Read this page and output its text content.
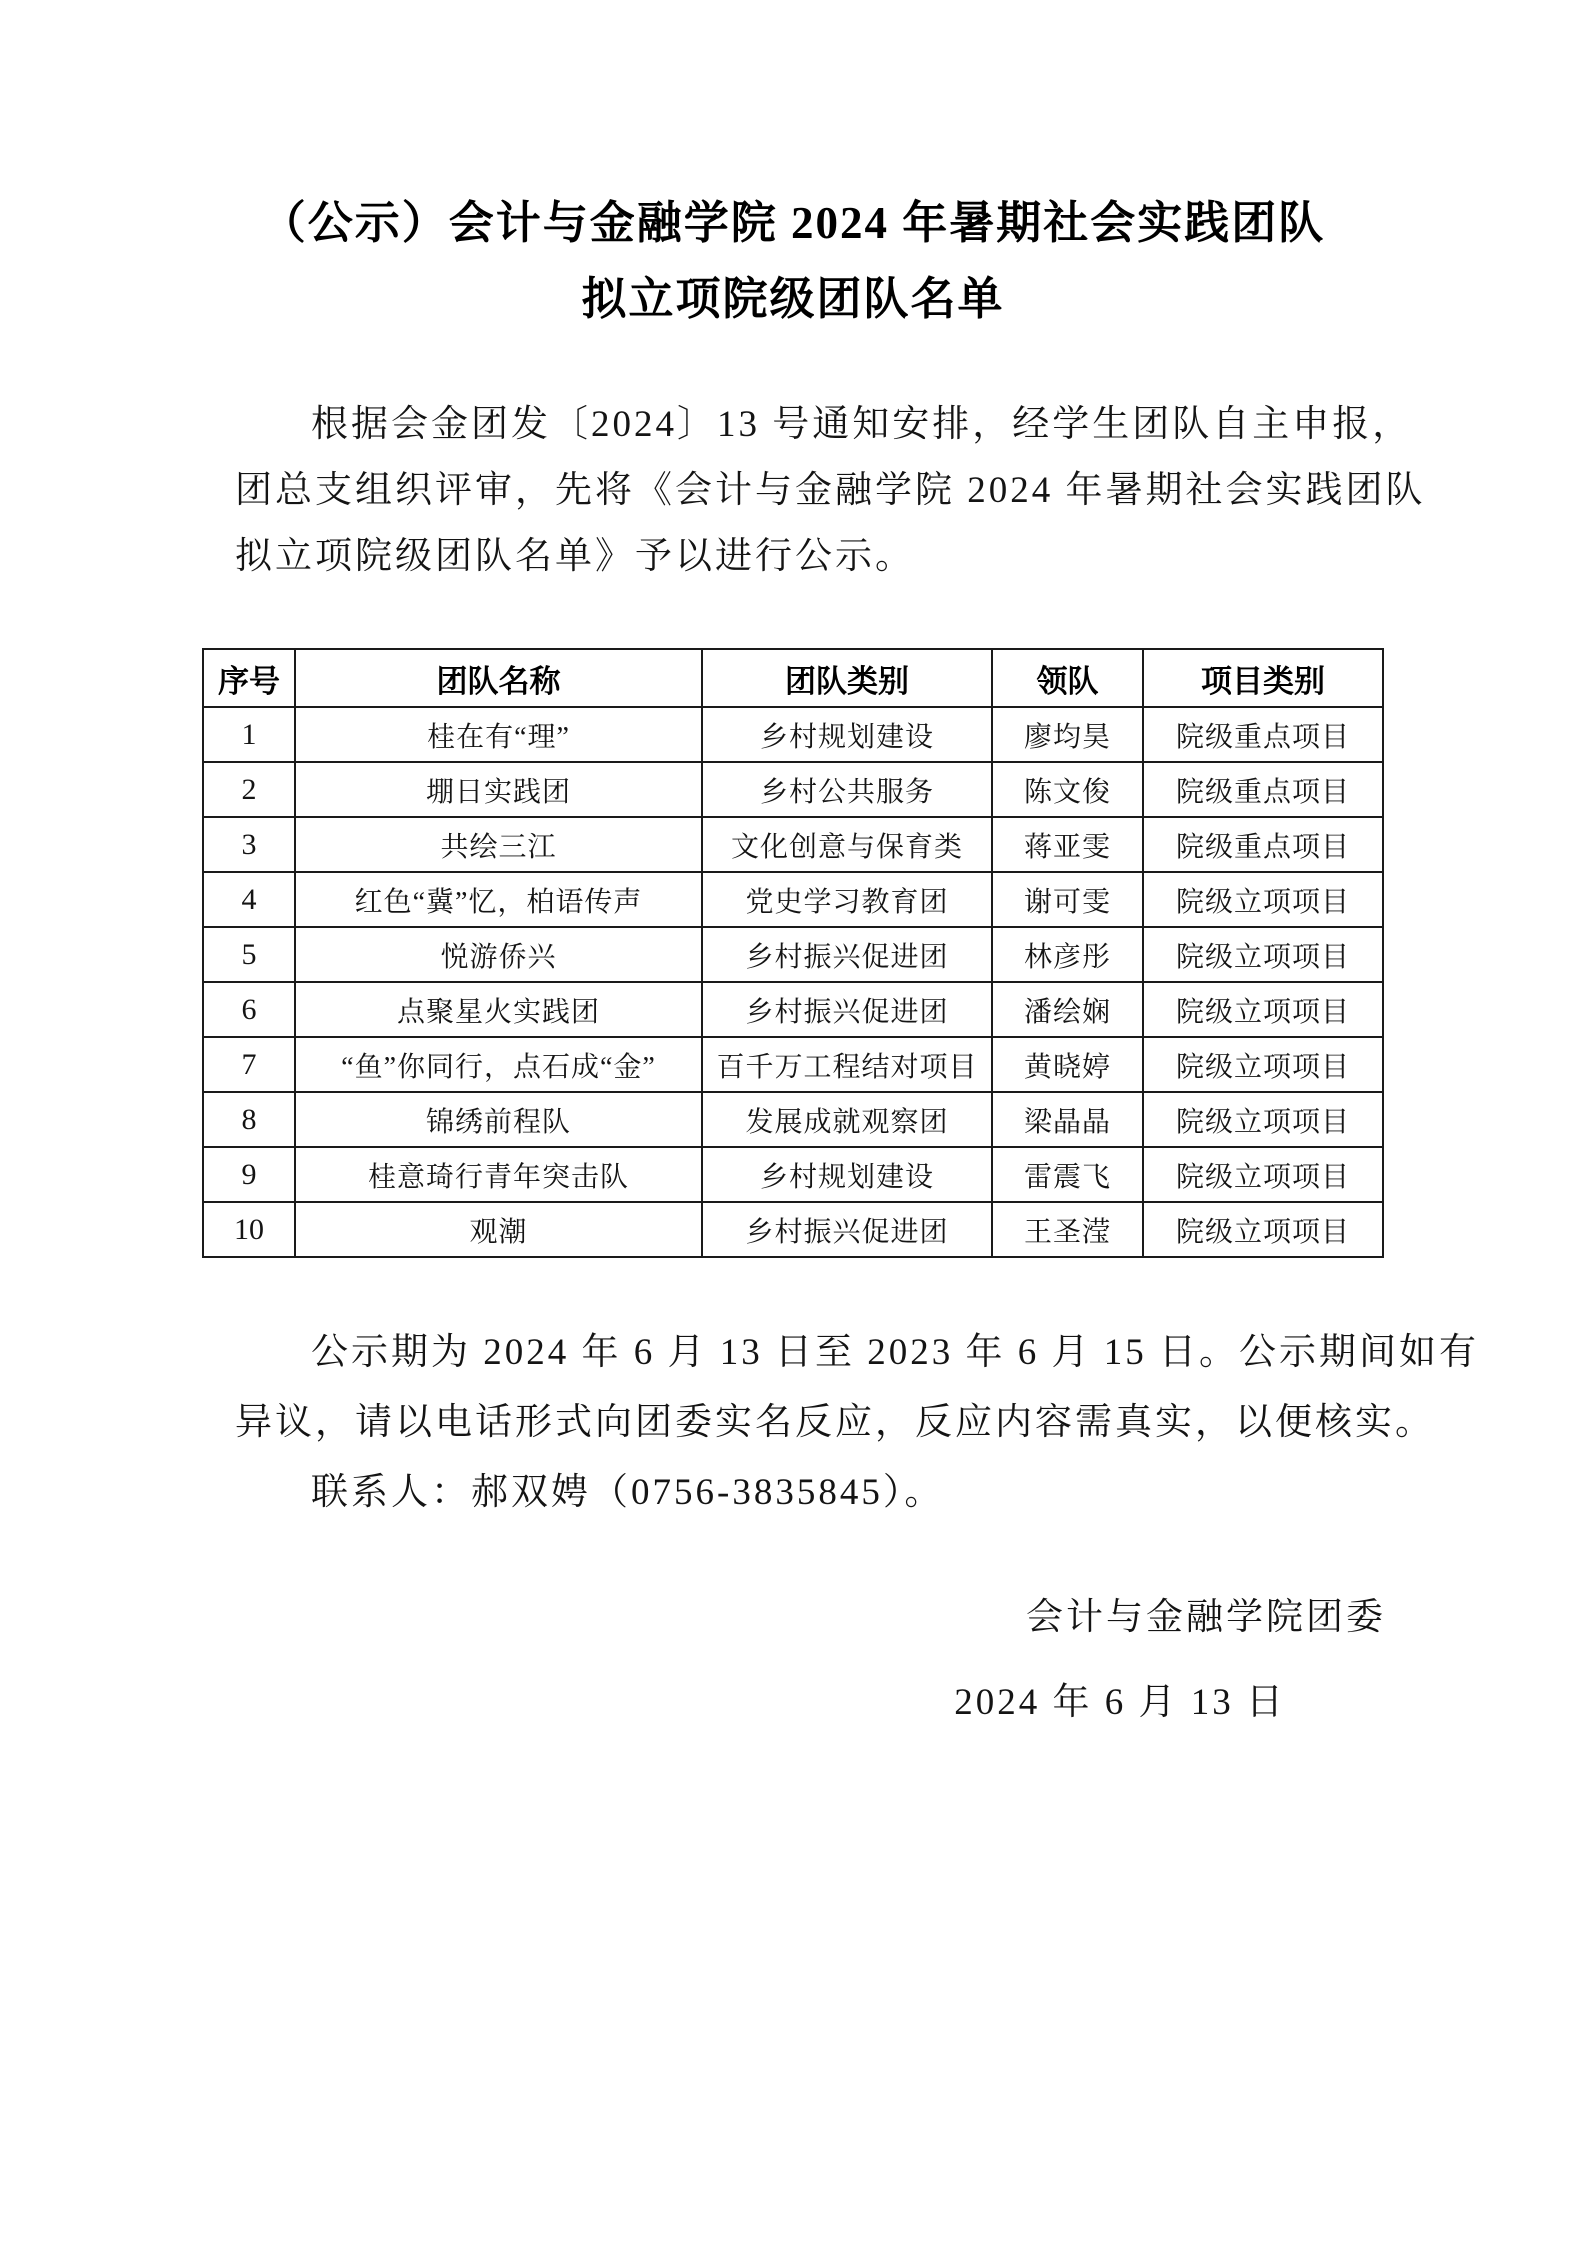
（公示）会计与金融学院 2024 年暑期社会实践团队
拟立项院级团队名单
根据会金团发〔2024〕13 号通知安排，经学生团队自主申报，
团总支组织评审，先将《会计与金融学院 2024 年暑期社会实践团队
拟立项院级团队名单》予以进行公示。
序号	团队名称	团队类别	领队	项目类别
1	桂在有“理”	乡村规划建设	廖均昊	院级重点项目
2	堋日实践团	乡村公共服务	陈文俊	院级重点项目
3	共绘三江	文化创意与保育类	蒋亚雯	院级重点项目
4	红色“冀”忆，柏语传声	党史学习教育团	谢可雯	院级立项项目
5	悦游侨兴	乡村振兴促进团	林彦彤	院级立项项目
6	点聚星火实践团	乡村振兴促进团	潘绘娴	院级立项项目
7	“鱼”你同行，点石成“金”	百千万工程结对项目	黄晓婷	院级立项项目
8	锦绣前程队	发展成就观察团	梁晶晶	院级立项项目
9	桂意琦行青年突击队	乡村规划建设	雷震飞	院级立项项目
10	观潮	乡村振兴促进团	王圣滢	院级立项项目
公示期为 2024 年 6 月 13 日至 2023 年 6 月 15 日。公示期间如有
异议，请以电话形式向团委实名反应，反应内容需真实，以便核实。
联系人：郝双娉（0756-3835845）。
会计与金融学院团委
2024 年 6 月 13 日
